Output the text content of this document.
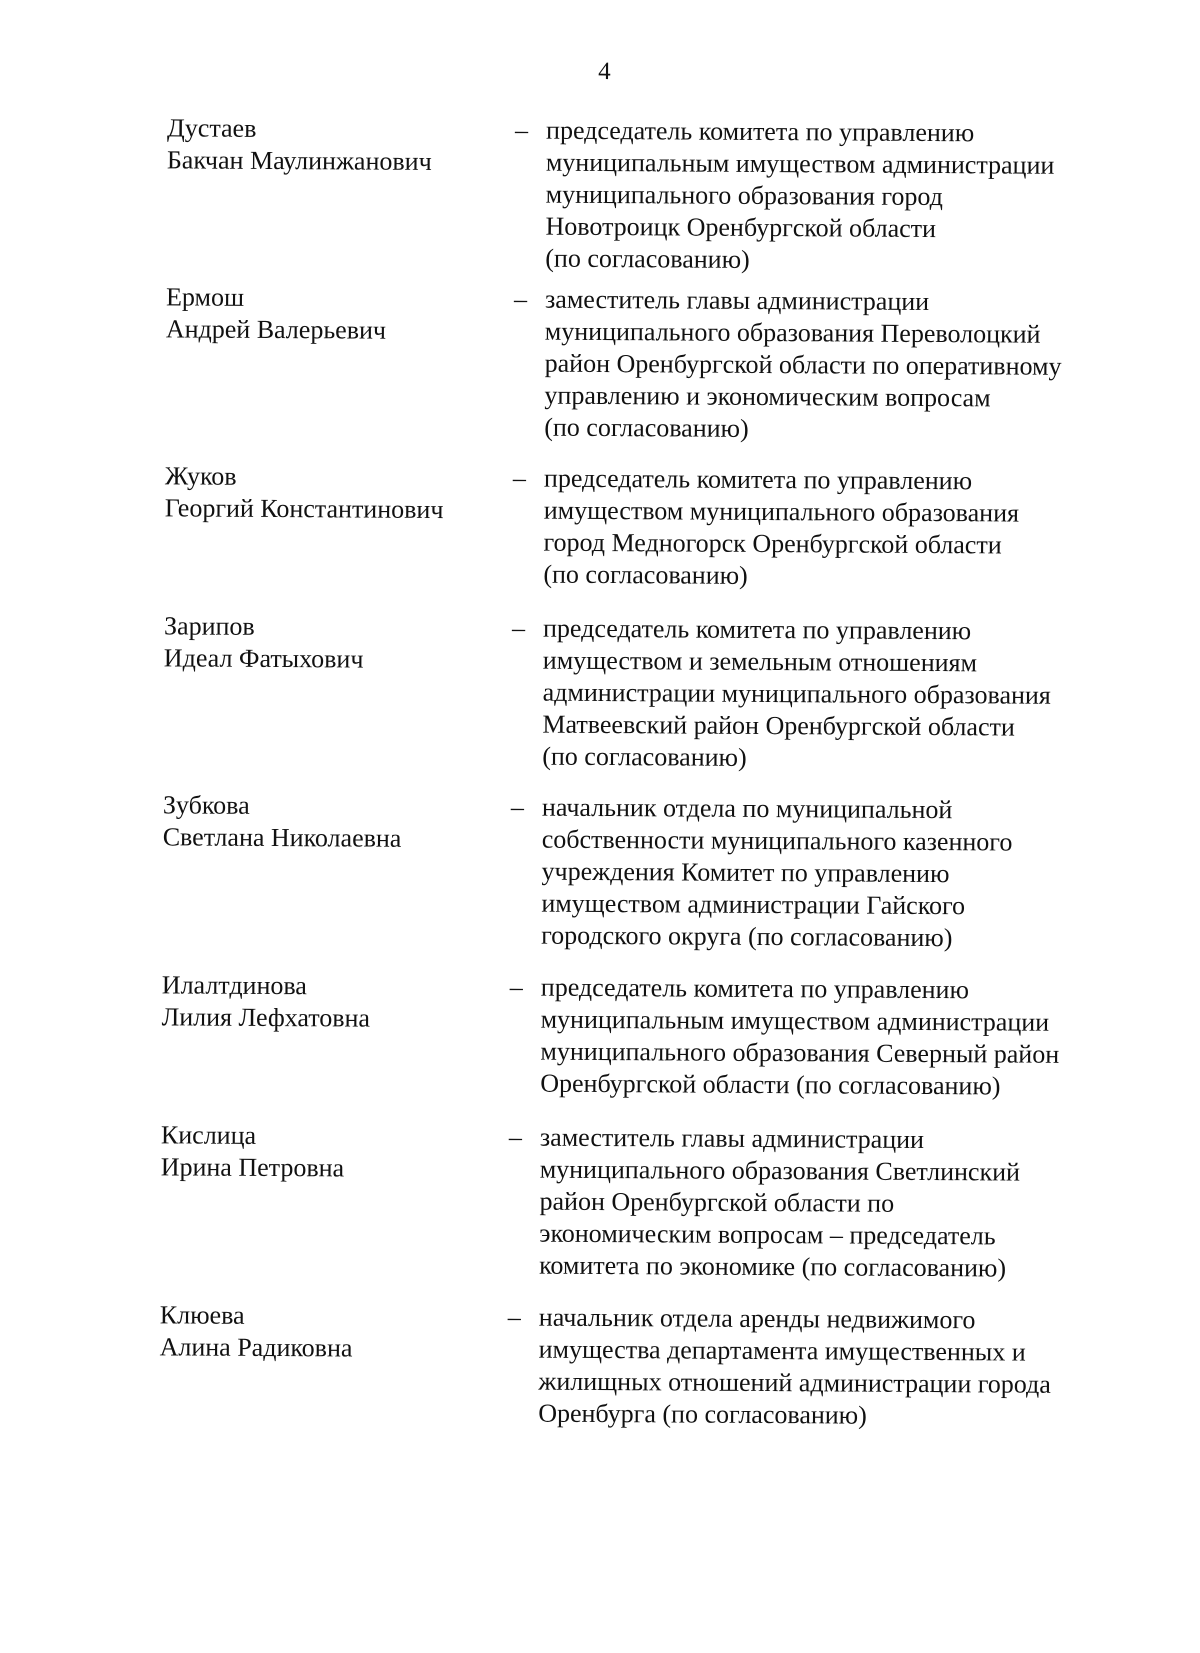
4
Дустаев
Бакчан Маулинжанович
– председатель комитета по управлению
муниципальным имуществом администрации
муниципального образования город
Новотроицк Оренбургской области
(по согласованию)
Ермош
Андрей Валерьевич
– заместитель главы администрации
муниципального образования Переволоцкий
район Оренбургской области по оперативному
управлению и экономическим вопросам
(по согласованию)
Жуков
Георгий Константинович
– председатель комитета по управлению
имуществом муниципального образования
город Медногорск Оренбургской области
(по согласованию)
Зарипов
Идеал Фатыхович
– председатель комитета по управлению
имуществом и земельным отношениям
администрации муниципального образования
Матвеевский район Оренбургской области
(по согласованию)
Зубкова
Светлана Николаевна
– начальник отдела по муниципальной
собственности муниципального казенного
учреждения Комитет по управлению
имуществом администрации Гайского
городского округа (по согласованию)
Илалтдинова
Лилия Лефхатовна
– председатель комитета по управлению
муниципальным имуществом администрации
муниципального образования Северный район
Оренбургской области (по согласованию)
Кислица
Ирина Петровна
– заместитель главы администрации
муниципального образования Светлинский
район Оренбургской области по
экономическим вопросам – председатель
комитета по экономике (по согласованию)
Клюева
Алина Радиковна
– начальник отдела аренды недвижимого
имущества департамента имущественных и
жилищных отношений администрации города
Оренбурга (по согласованию)
